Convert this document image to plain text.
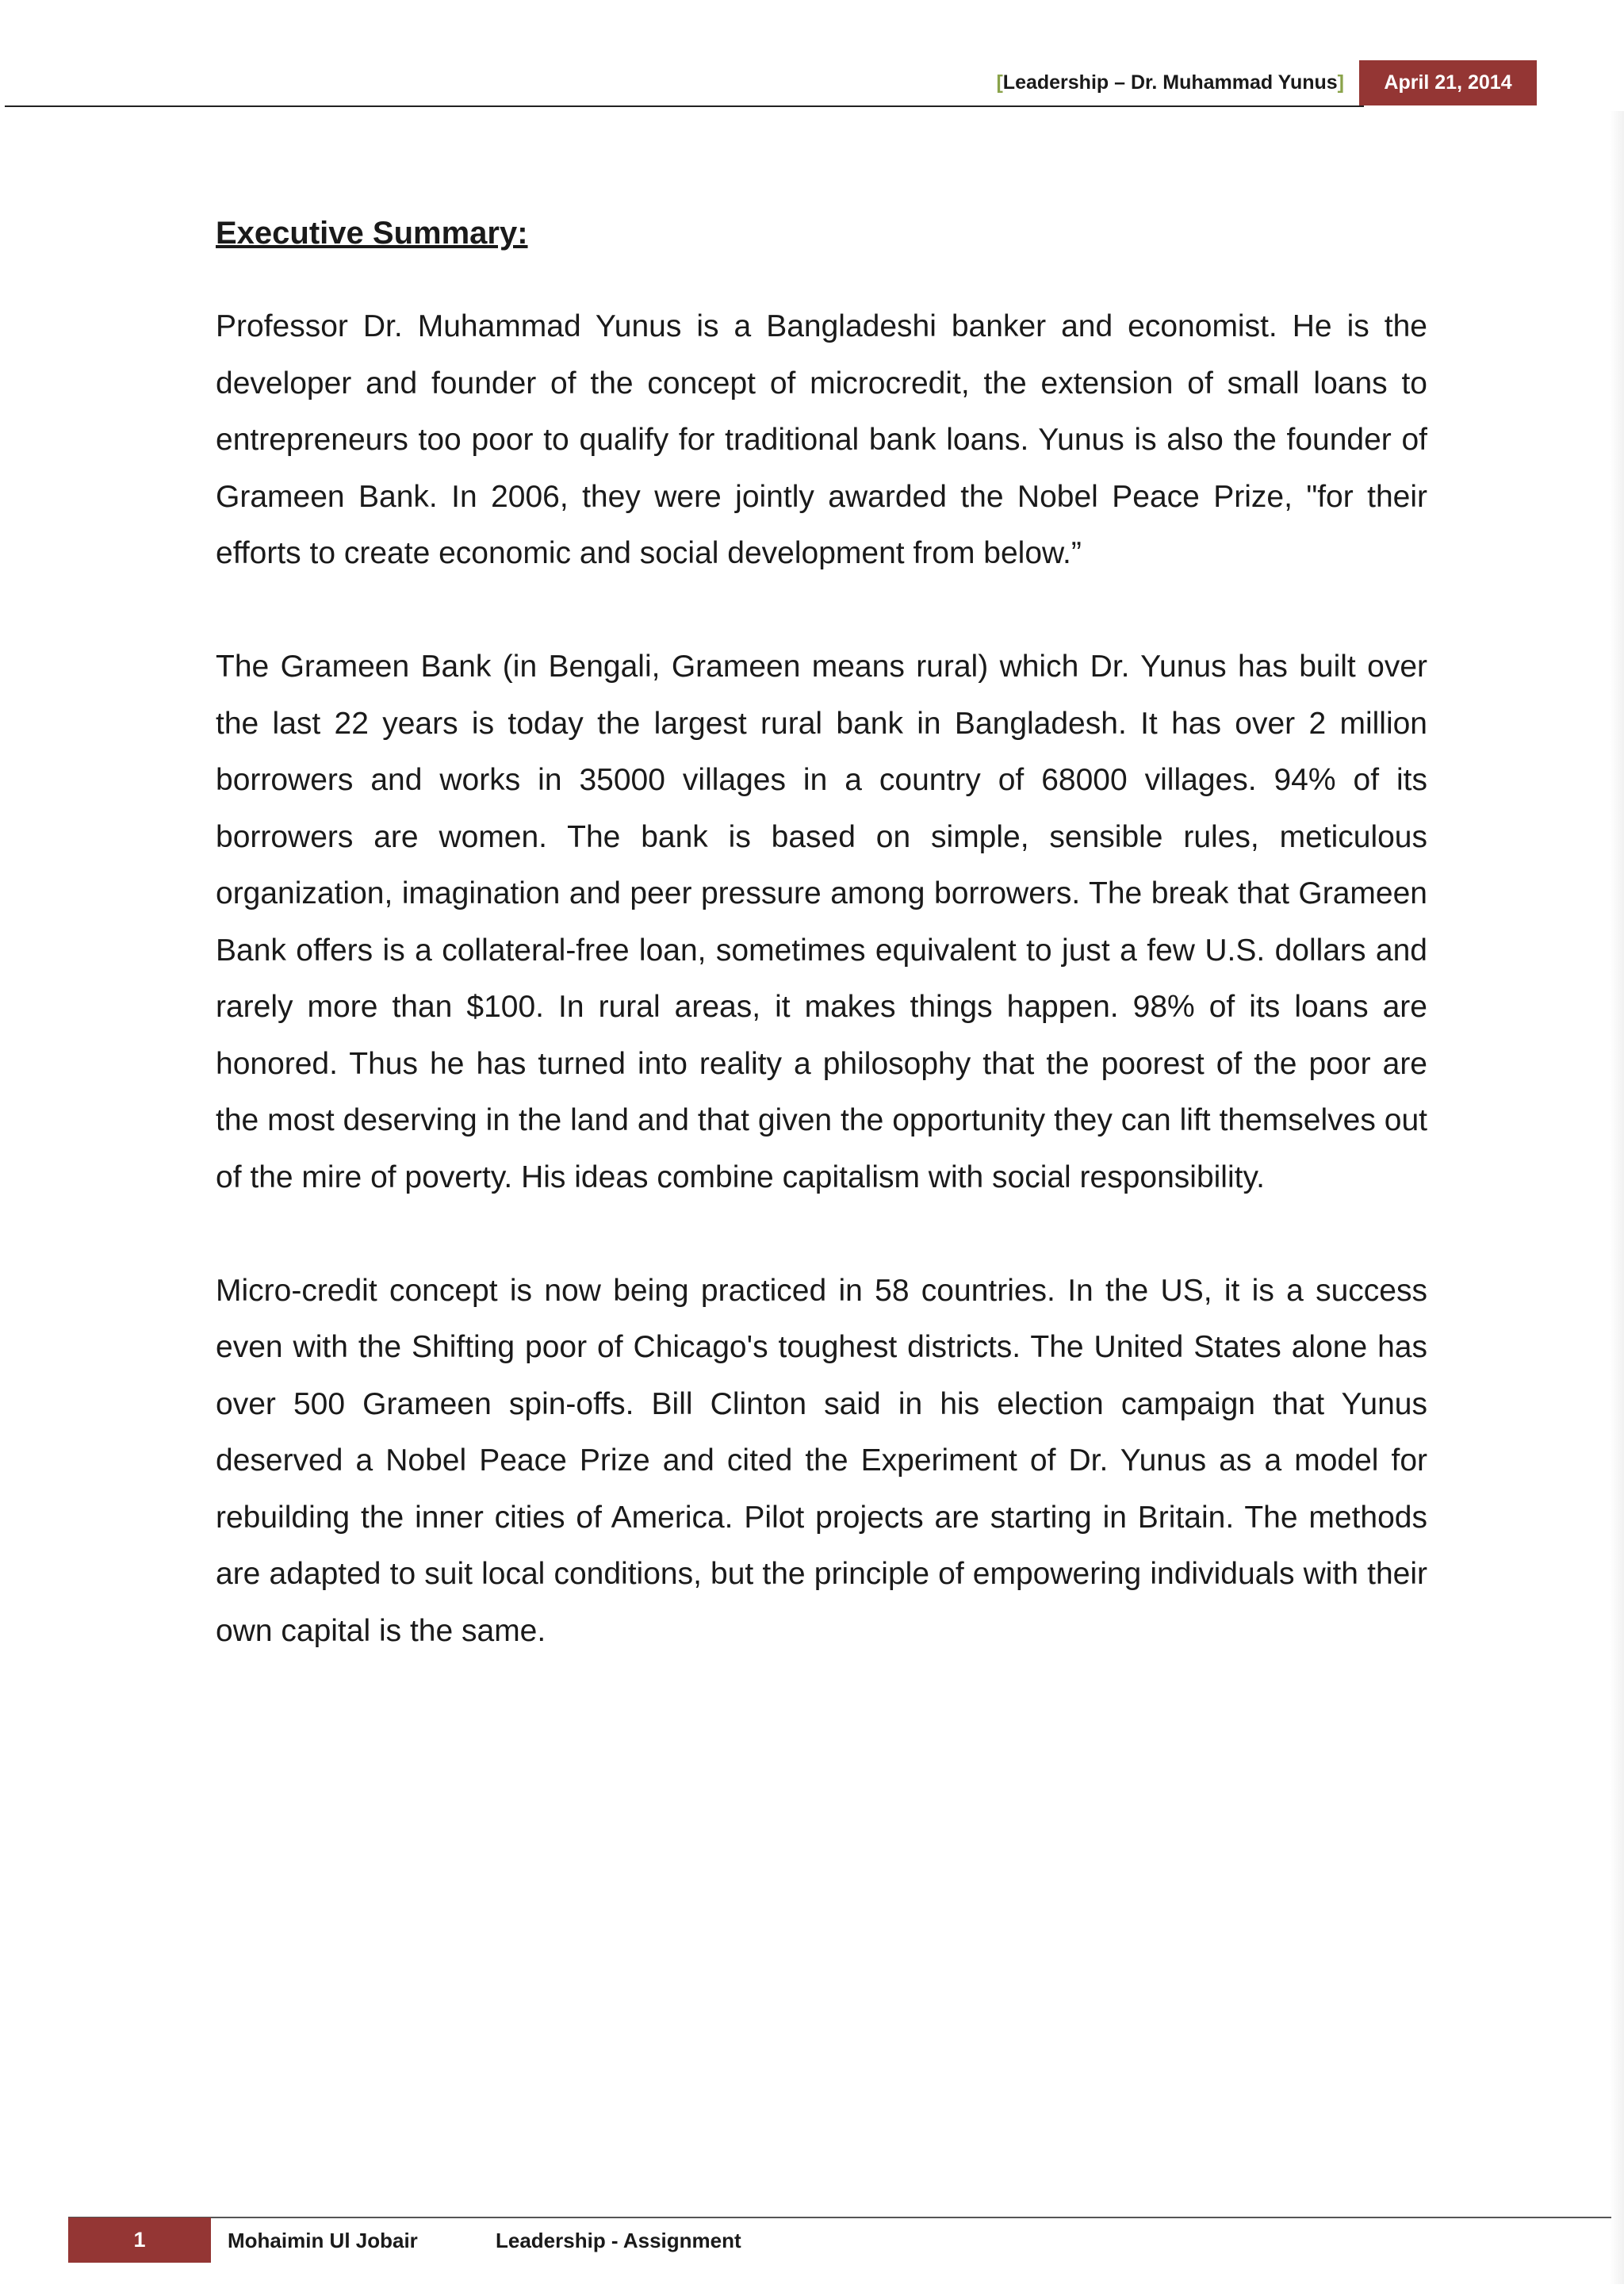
[Leadership – Dr. Muhammad Yunus]	April 21, 2014
Executive Summary:

Professor Dr. Muhammad Yunus is a Bangladeshi banker and economist. He is the developer and founder of the concept of microcredit, the extension of small loans to entrepreneurs too poor to qualify for traditional bank loans. Yunus is also the founder of Grameen Bank. In 2006, they were jointly awarded the Nobel Peace Prize, "for their efforts to create economic and social development from below.”

The Grameen Bank (in Bengali, Grameen means rural) which Dr. Yunus has built over the last 22 years is today the largest rural bank in Bangladesh. It has over 2 million borrowers and works in 35000 villages in a country of 68000 villages. 94% of its borrowers are women. The bank is based on simple, sensible rules, meticulous organization, imagination and peer pressure among borrowers. The break that Grameen Bank offers is a collateral-free loan, sometimes equivalent to just a few U.S. dollars and rarely more than $100. In rural areas, it makes things happen. 98% of its loans are honored. Thus he has turned into reality a philosophy that the poorest of the poor are the most deserving in the land and that given the opportunity they can lift themselves out of the mire of poverty. His ideas combine capitalism with social responsibility.

Micro-credit concept is now being practiced in 58 countries. In the US, it is a success even with the Shifting poor of Chicago's toughest districts. The United States alone has over 500 Grameen spin-offs. Bill Clinton said in his election campaign that Yunus deserved a Nobel Peace Prize and cited the Experiment of Dr. Yunus as a model for rebuilding the inner cities of America. Pilot projects are starting in Britain. The methods are adapted to suit local conditions, but the principle of empowering individuals with their own capital is the same.

1	Mohaimin Ul Jobair	Leadership - Assignment
